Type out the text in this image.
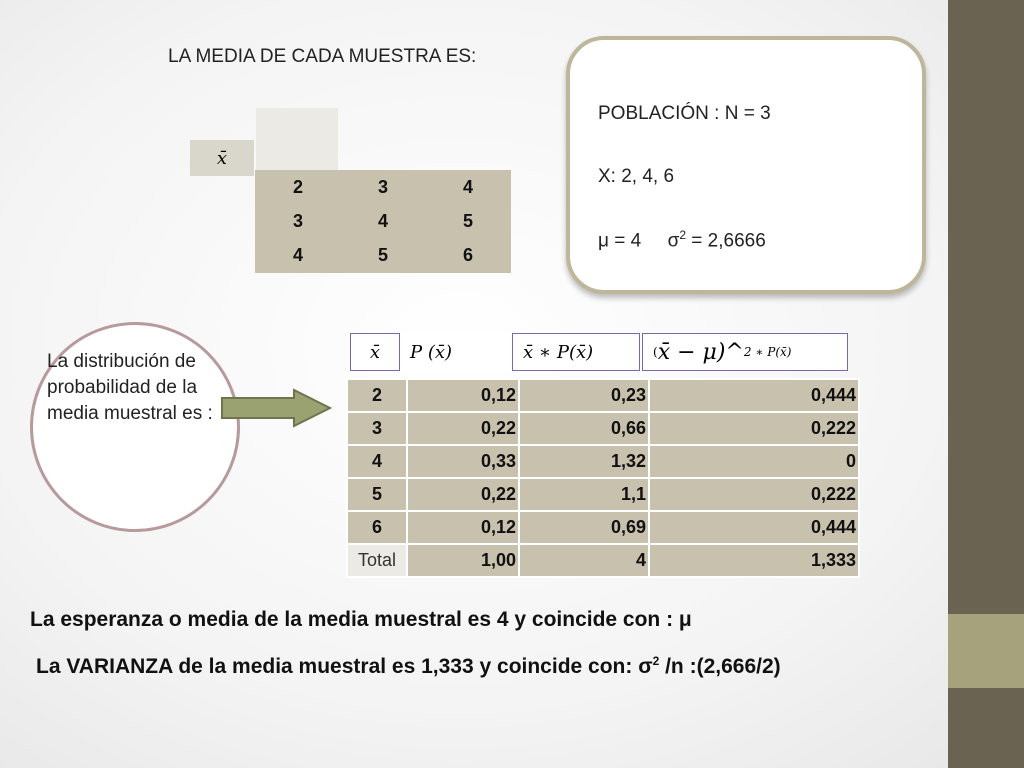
LA MEDIA DE CADA MUESTRA ES:
x̄
2	3	4
3	4	5
4	5	6
POBLACIÓN : N = 3
X: 2, 4, 6
μ = 4 $\sigma^2 = 2,6666$
La distribución de probabilidad de la media muestral es :
x̄	P (x̄)	x̄ ∗ P(x̄)	( x̄ − μ)^ 2 ∗ P(x̄)
2	0,12	0,23	0,444
3	0,22	0,66	0,222
4	0,33	1,32	0
5	0,22	1,1	0,222
6	0,12	0,69	0,444
Total	1,00	4	1,333
La esperanza o media de la media muestral es 4 y coincide con : μ
La VARIANZA de la media muestral es 1,333 y coincide con: $\sigma^2$ /n :(2,666/2)
